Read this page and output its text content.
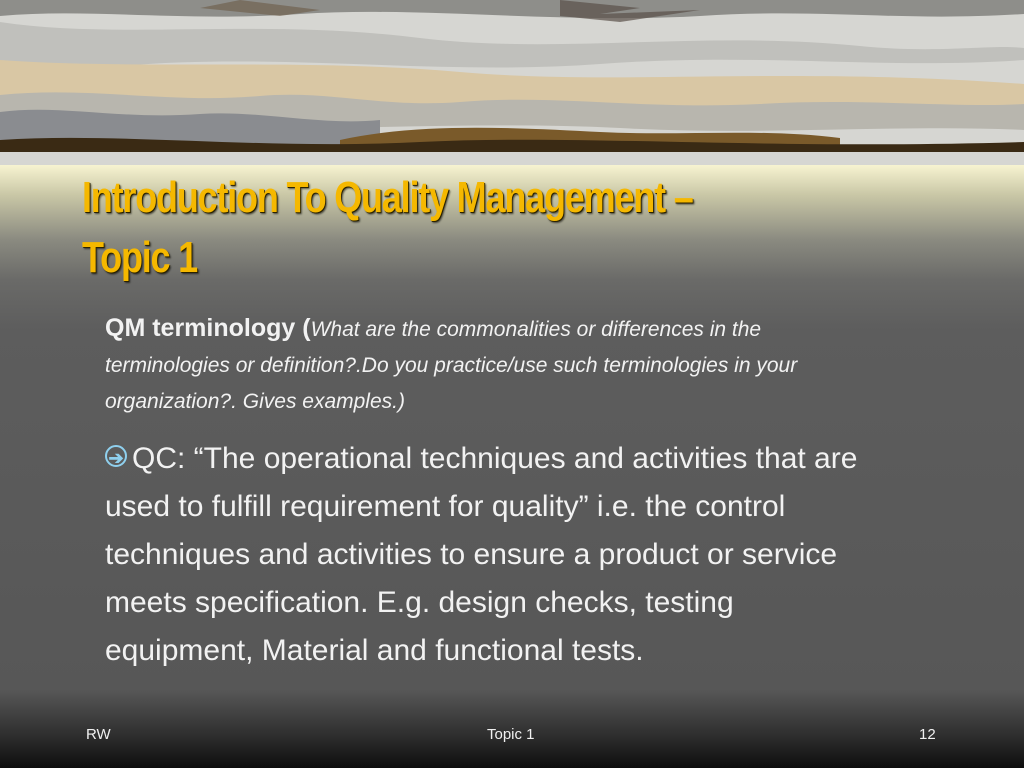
Introduction To Quality Management –
Topic 1
QM terminology (What are the commonalities or differences in the
terminologies or definition?.Do you practice/use such terminologies in your
organization?. Gives examples.)
➔ QC: “The operational techniques and activities that are
used to fulfill requirement for quality” i.e. the control
techniques and activities to ensure a product or service
meets specification. E.g. design checks, testing
equipment, Material and functional tests.
RW	Topic 1	12
